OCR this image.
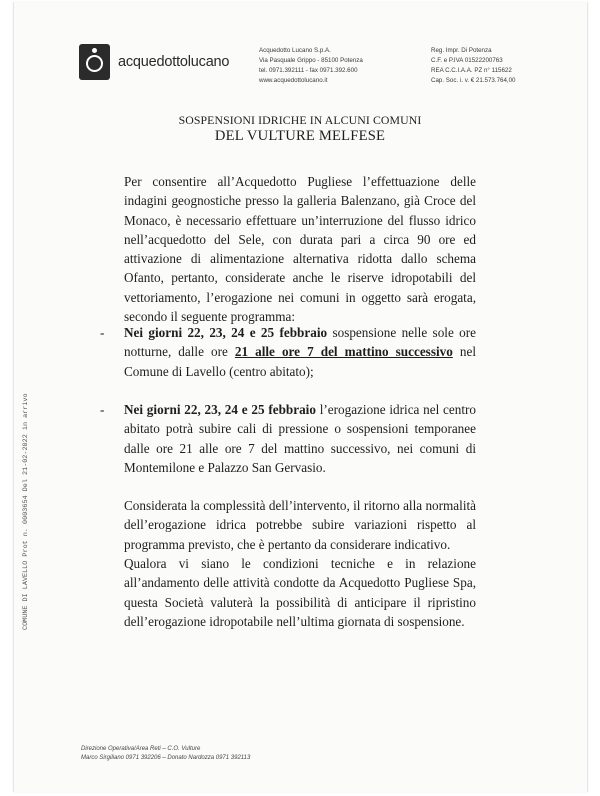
acquedottolucano
Acquedotto Lucano S.p.A.
Via Pasquale Grippo - 85100 Potenza
tel. 0971.392111 - fax 0971.392.600
www.acquedottolucano.it
Reg. Impr. Di Potenza
C.F. e P.IVA 01522200763
REA C.C.I.A.A. PZ n° 115622
Cap. Soc. i. v. € 21.573.764,00
SOSPENSIONI IDRICHE IN ALCUNI COMUNI
DEL VULTURE MELFESE
Per consentire all’Acquedotto Pugliese l’effettuazione delle indagini geognostiche presso la galleria Balenzano, già Croce del Monaco, è necessario effettuare un’interruzione del flusso idrico nell’acquedotto del Sele, con durata pari a circa 90 ore ed attivazione di alimentazione alternativa ridotta dallo schema Ofanto, pertanto, considerate anche le riserve idropotabili del vettoriamento, l’erogazione nei comuni in oggetto sarà erogata, secondo il seguente programma:
- Nei giorni 22, 23, 24 e 25 febbraio sospensione nelle sole ore notturne, dalle ore 21 alle ore 7 del mattino successivo nel Comune di Lavello (centro abitato);
- Nei giorni 22, 23, 24 e 25 febbraio l’erogazione idrica nel centro abitato potrà subire cali di pressione o sospensioni temporanee dalle ore 21 alle ore 7 del mattino successivo, nei comuni di Montemilone e Palazzo San Gervasio.
Considerata la complessità dell’intervento, il ritorno alla normalità dell’erogazione idrica potrebbe subire variazioni rispetto al programma previsto, che è pertanto da considerare indicativo.
Qualora vi siano le condizioni tecniche e in relazione all’andamento delle attività condotte da Acquedotto Pugliese Spa, questa Società valuterà la possibilità di anticipare il ripristino dell’erogazione idropotabile nell’ultima giornata di sospensione.
COMUNE DI LAVELLO Prot n. 0003654 Del 21-02-2022 in arrivo
Direzione Operativa/Area Reti – C.O. Vulture
Marco Sirgiliano 0971 392206 – Donato Nardozza 0971 392113
